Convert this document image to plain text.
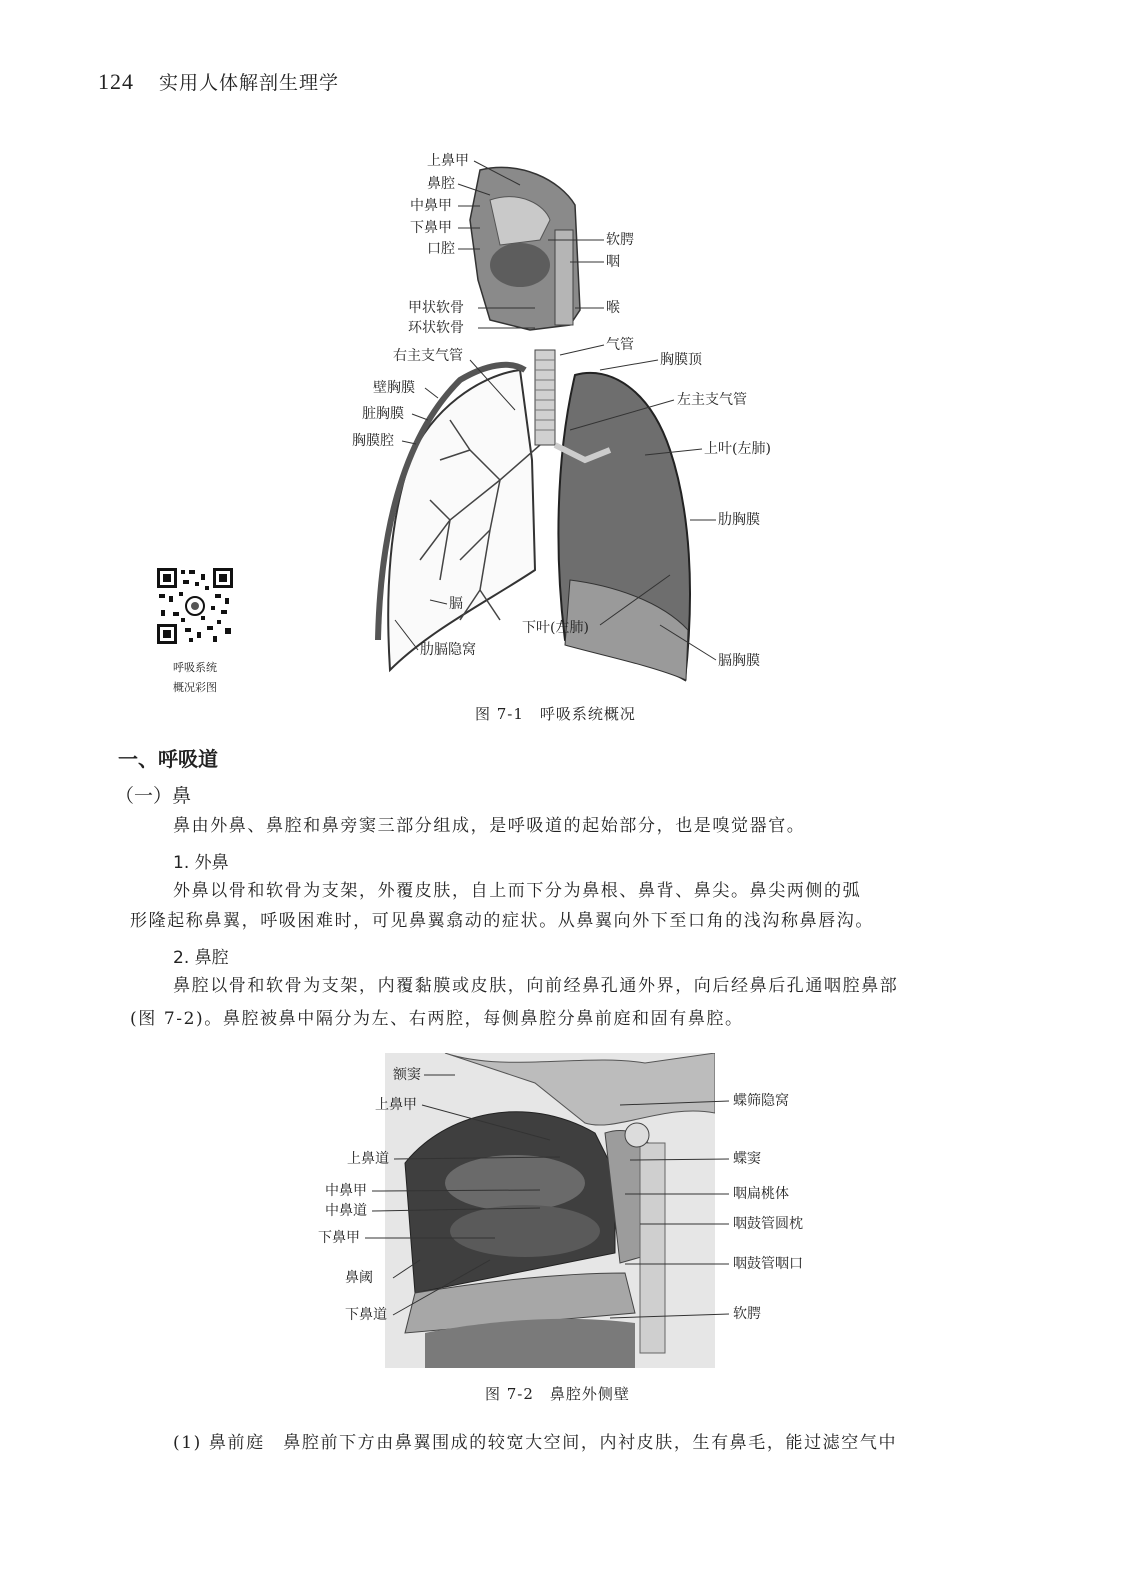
124 实用人体解剖生理学
上鼻甲
鼻腔
中鼻甲
下鼻甲
口腔
甲状软骨
环状软骨
右主支气管
壁胸膜
脏胸膜
胸膜腔
膈
肋膈隐窝
软腭
咽
喉
气管
胸膜顶
左主支气管
上叶(左肺)
肋胸膜
下叶(左肺)
膈胸膜
呼吸系统
概况彩图
图 7-1　呼吸系统概况
一、呼吸道
（一）鼻
鼻由外鼻、鼻腔和鼻旁窦三部分组成，是呼吸道的起始部分，也是嗅觉器官。
1. 外鼻
外鼻以骨和软骨为支架，外覆皮肤，自上而下分为鼻根、鼻背、鼻尖。鼻尖两侧的弧
形隆起称鼻翼，呼吸困难时，可见鼻翼翕动的症状。从鼻翼向外下至口角的浅沟称鼻唇沟。
2. 鼻腔
鼻腔以骨和软骨为支架，内覆黏膜或皮肤，向前经鼻孔通外界，向后经鼻后孔通咽腔鼻部
(图 7-2)。鼻腔被鼻中隔分为左、右两腔，每侧鼻腔分鼻前庭和固有鼻腔。
额窦
上鼻甲
上鼻道
中鼻甲
中鼻道
下鼻甲
鼻阈
下鼻道
蝶筛隐窝
蝶窦
咽扁桃体
咽鼓管圆枕
咽鼓管咽口
软腭
图 7-2　鼻腔外侧壁
(1) 鼻前庭　鼻腔前下方由鼻翼围成的较宽大空间，内衬皮肤，生有鼻毛，能过滤空气中
